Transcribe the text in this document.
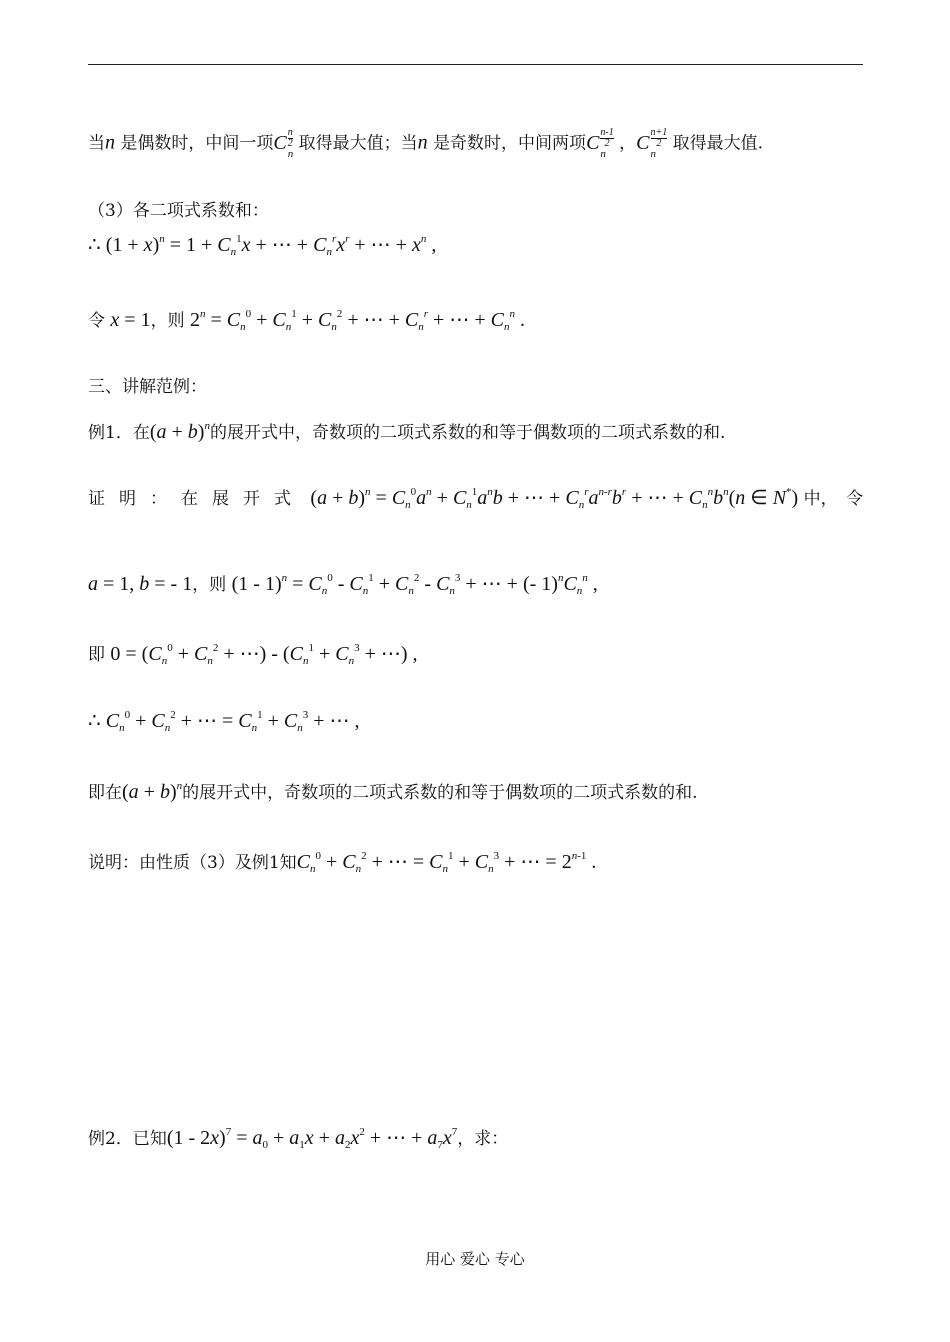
当n 是偶数时，中间一项C $\frac{n}{2}$
n
取得最大值；当n 是奇数时，中间两项C $\frac{n-1}{2}$
n
，C $\frac{n+1}{2}$
n
取得最大值.
（3）各二项式系数和：
∴ $(1 + x)^n = 1 + C_n^1x$ + ⋯ + $C_n^rx^r$ + ⋯ + $x^n$ ,
令 x = 1，则 $2^n = C_n^0 + C_n^1 + C_n^2$ + ⋯ + $C_n^r$ + ⋯ + $C_n^n$ .
三、讲解范例：
例1．在$(a + b)^n$的展开式中，奇数项的二项式系数的和等于偶数项的二项式系数的和.
证明：在展开式 $(a + b)^n = C_n^0a^n + C_n^1a^nb$ + ⋯ + $C_n^ra^{n-r}b^r$ + ⋯ + $C_n^nb^n(n$ ∈ N*) 中， 令
a = 1, b = - 1，则 $(1 - 1)^n = C_n^0 - C_n^1 + C_n^2 - C_n^3$ + ⋯ + (- $1)^nC_n^n$ ,
即 $0 = (C_n^0 + C_n^2$ + ⋯) - ($C_n^1 + C_n^3$ + ⋯) ,
∴ $C_n^0 + C_n^2$ + ⋯ = $C_n^1 + C_n^3$ + ⋯ ,
即在$(a + b)^n$的展开式中，奇数项的二项式系数的和等于偶数项的二项式系数的和.
说明：由性质（3）及例1知$C_n^0 + C_n^2$ + ⋯ = $C_n^1 + C_n^3$ + ⋯ = $2^{n-1}$ .
例2．已知$(1 - 2x)^7 = a_0 + a_1x + a_2x^2$ + ⋯ + $a_7x^7$，求：
用心 爱心 专心
